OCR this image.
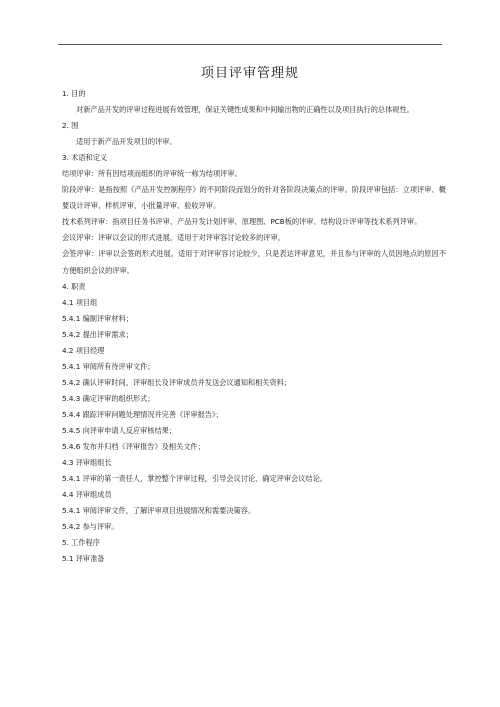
项目评审管理规
1. 目的
对新产品开发的评审过程进展有效管理，保证关键性成果和中间输出物的正确性以及项目执行的总体规性。
2. 围
适用于新产品开发项目的评审。
3. 术语和定义
结项评审：所有因结项而组织的评审统一称为结项评审。
阶段评审：是指按照《产品开发控制程序》的不同阶段而划分的针对各阶段决策点的评审。阶段评审包括：立项评审、概要设计评审、样机评审、小批量评审、验收评审。
技术系列评审：指项目任务书评审、产品开发计划评审、原理图、PCB板的评审、结构设计评审等技术系列评审。
会议评审：评审以会议的形式进展。适用于对评审容讨论较多的评审。
会签评审：评审以会签的形式进展。适用于对评审容讨论较少，只是表达评审意见，并且参与评审的人员因地点的原因不方便组织会议的评审。
4. 职责
4.1 项目组
5.4.1 编制评审材料；
5.4.2 提出评审需求；
4.2 项目经理
5.4.1 审阅所有待评审文件；
5.4.2 确认评审时间、评审组长及评审成员并发送会议通知和相关资料；
5.4.3 确定评审的组织形式；
5.4.4 跟踪评审问题处理情况并完善《评审报告》；
5.4.5 向评审申请人反应审核结果；
5.4.6 发布并归档《评审报告》及相关文件；
4.3 评审组组长
5.4.1 评审的第一责任人，掌控整个评审过程，引导会议讨论、确定评审会议结论。
4.4 评审组成员
5.4.1 审阅评审文件，了解评审项目进展情况和需要决策容。
5.4.2 参与评审。
5. 工作程序
5.1 评审准备
